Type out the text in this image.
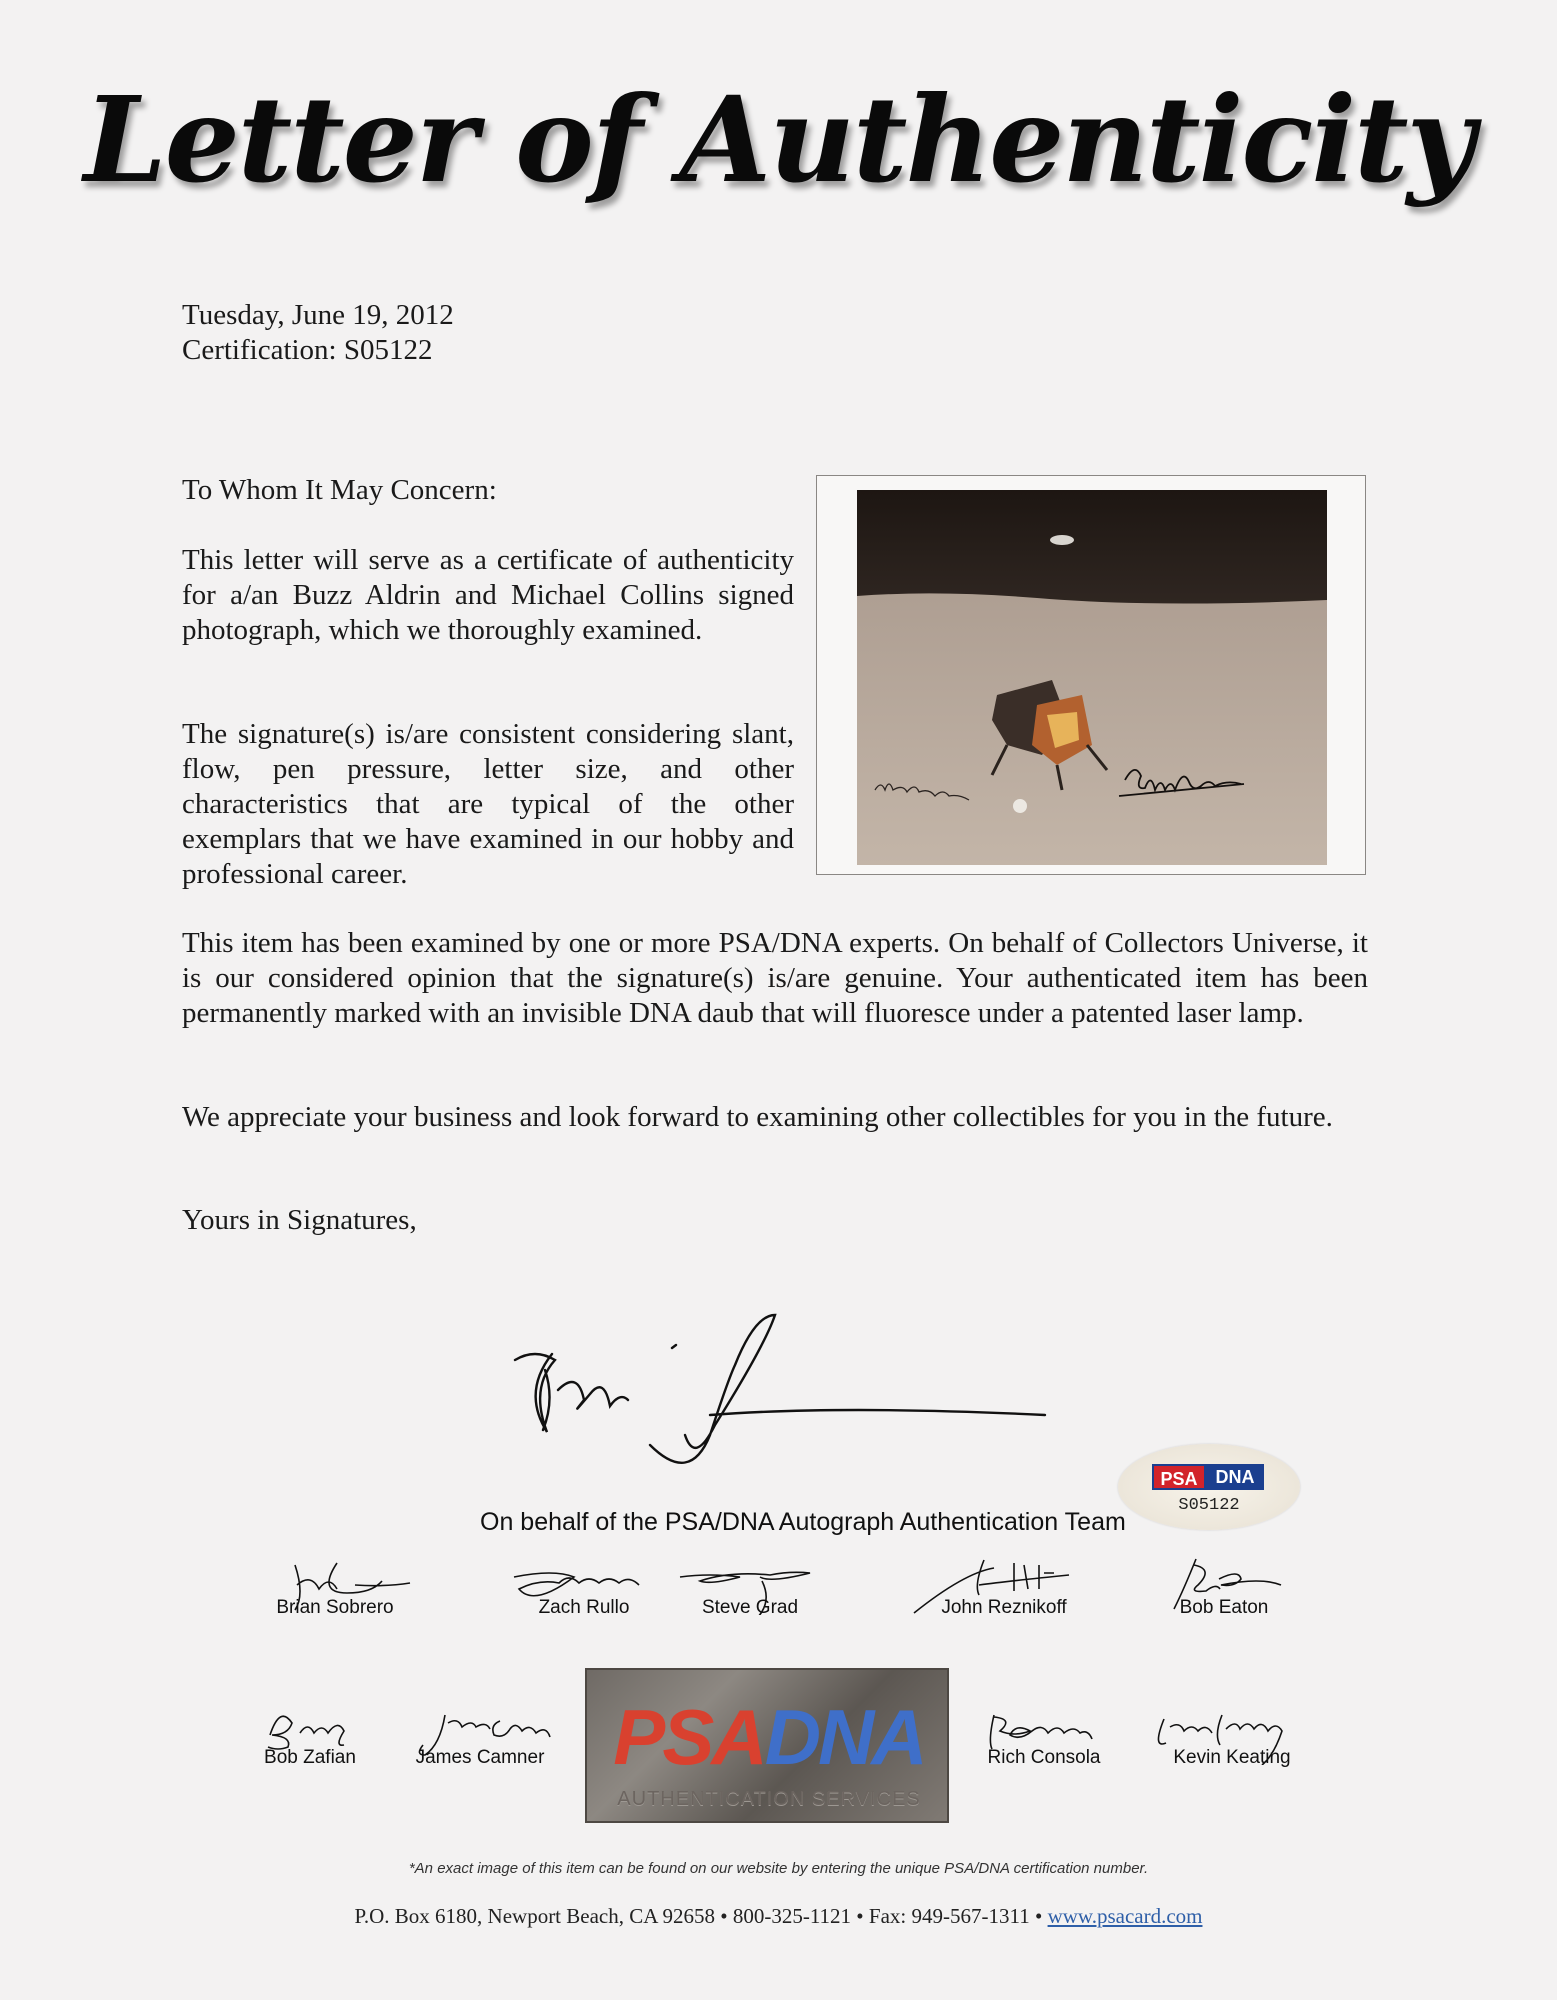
Letter of Authenticity
Tuesday, June 19, 2012
Certification: S05122
To Whom It May Concern:
This letter will serve as a certificate of authenticity for a/an Buzz Aldrin and Michael Collins signed photograph, which we thoroughly examined.
The signature(s) is/are consistent considering slant, flow, pen pressure, letter size, and other characteristics that are typical of the other exemplars that we have examined in our hobby and professional career.
This item has been examined by one or more PSA/DNA experts. On behalf of Collectors Universe, it is our considered opinion that the signature(s) is/are genuine. Your authenticated item has been permanently marked with an invisible DNA daub that will fluoresce under a patented laser lamp.
We appreciate your business and look forward to examining other collectibles for you in the future.
Yours in Signatures,
On behalf of the PSA/DNA Autograph Authentication Team
PSA	DNA
S05122
Brian Sobrero	Zach Rullo	Steve Grad	John Reznikoff	Bob Eaton
Bob Zafian	James Camner	Rich Consola	Kevin Keating
PSADNA
AUTHENTICATION SERVICES
*An exact image of this item can be found on our website by entering the unique PSA/DNA certification number.
P.O. Box 6180, Newport Beach, CA 92658 • 800-325-1121 • Fax: 949-567-1311 • www.psacard.com
